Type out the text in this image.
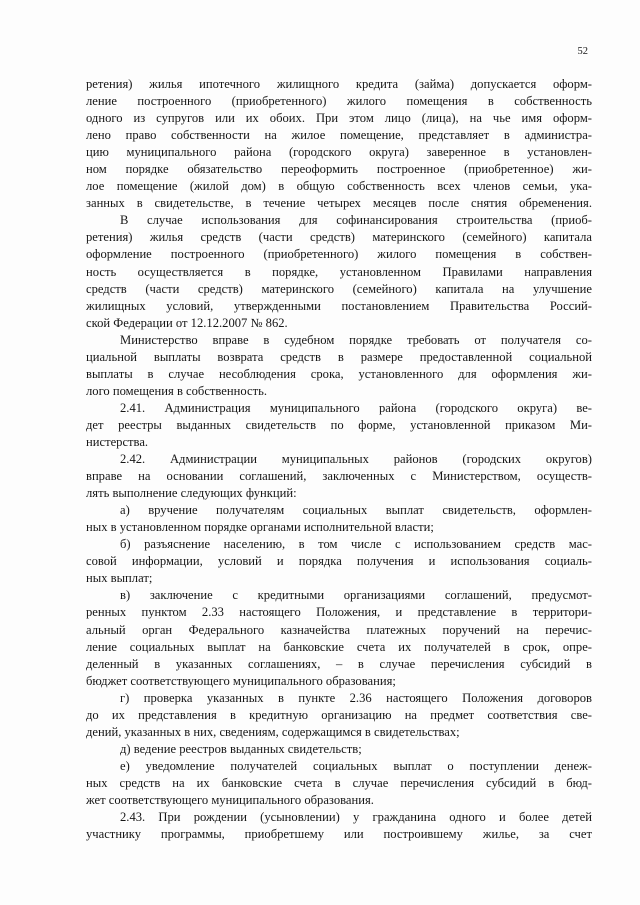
52

ретения) жилья ипотечного жилищного кредита (займа) допускается оформ-

ление построенного (приобретенного) жилого помещения в собственность

одного из супругов или их обоих. При этом лицо (лица), на чье имя оформ-

лено право собственности на жилое помещение, представляет в администра-

цию муниципального района (городского округа) заверенное в установлен-

ном порядке обязательство переоформить построенное (приобретенное) жи-

лое помещение (жилой дом) в общую собственность всех членов семьи, ука-

занных в свидетельстве, в течение четырех месяцев после снятия обременения.

В случае использования для софинансирования строительства (приоб-

ретения) жилья средств (части средств) материнского (семейного) капитала

оформление построенного (приобретенного) жилого помещения в собствен-

ность осуществляется в порядке, установленном Правилами направления

средств (части средств) материнского (семейного) капитала на улучшение

жилищных условий, утвержденными постановлением Правительства Россий-

ской Федерации от 12.12.2007 № 862.

Министерство вправе в судебном порядке требовать от получателя со-

циальной выплаты возврата средств в размере предоставленной социальной

выплаты в случае несоблюдения срока, установленного для оформления жи-

лого помещения в собственность.

2.41. Администрация муниципального района (городского округа) ве-

дет реестры выданных свидетельств по форме, установленной приказом Ми-

нистерства.

2.42. Администрации муниципальных районов (городских округов)

вправе на основании соглашений, заключенных с Министерством, осуществ-

лять выполнение следующих функций:

а) вручение получателям социальных выплат свидетельств, оформлен-

ных в установленном порядке органами исполнительной власти;

б) разъяснение населению, в том числе с использованием средств мас-

совой информации, условий и порядка получения и использования социаль-

ных выплат;

в) заключение с кредитными организациями соглашений, предусмот-

ренных пунктом 2.33 настоящего Положения, и представление в территори-

альный орган Федерального казначейства платежных поручений на перечис-

ление социальных выплат на банковские счета их получателей в срок, опре-

деленный в указанных соглашениях, – в случае перечисления субсидий в

бюджет соответствующего муниципального образования;

г) проверка указанных в пункте 2.36 настоящего Положения договоров

до их представления в кредитную организацию на предмет соответствия све-

дений, указанных в них, сведениям, содержащимся в свидетельствах;

д) ведение реестров выданных свидетельств;

е) уведомление получателей социальных выплат о поступлении денеж-

ных средств на их банковские счета в случае перечисления субсидий в бюд-

жет соответствующего муниципального образования.

2.43. При рождении (усыновлении) у гражданина одного и более детей

участнику программы, приобретшему или построившему жилье, за счет
